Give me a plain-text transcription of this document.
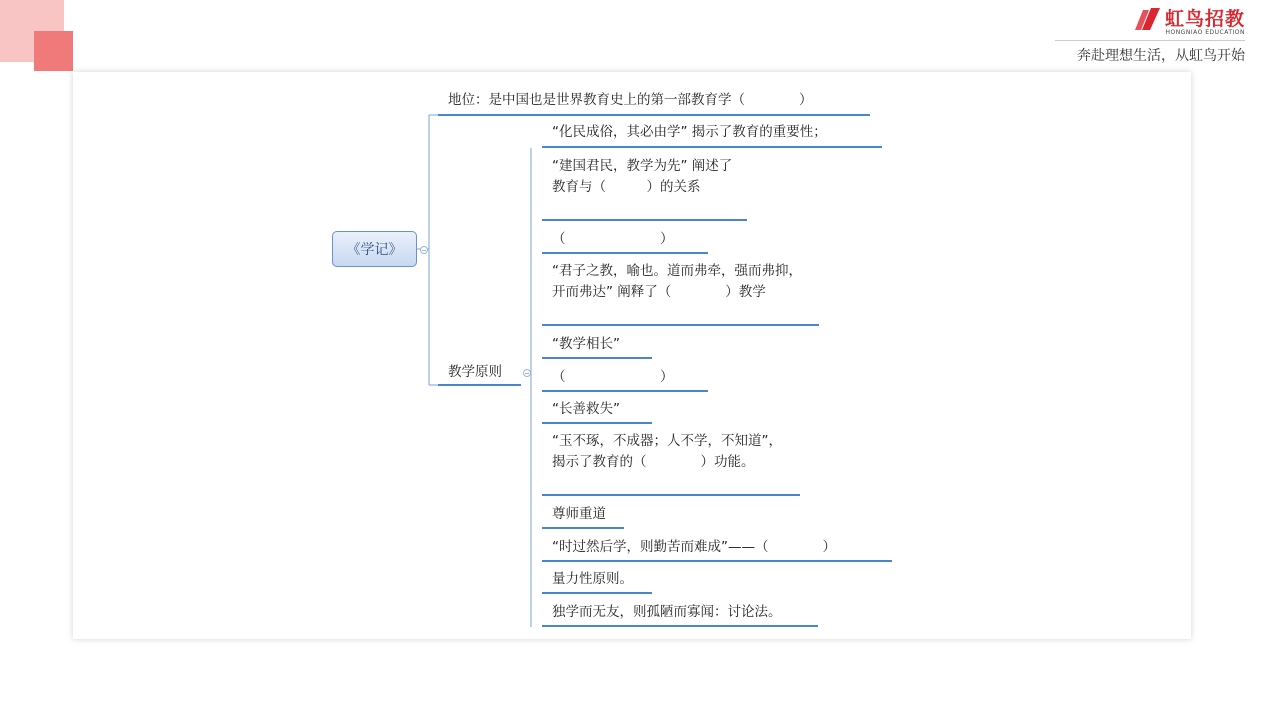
虹鸟招教
HONGNIAO EDUCATION
奔赴理想生活，从虹鸟开始
《学记》
地位：是中国也是世界教育史上的第一部教育学（　　　　）
教学原则
“化民成俗，其必由学” 揭示了教育的重要性；
“建国君民，教学为先” 阐述了教育与（　　　）的关系
（　　　　　　　）
“君子之教，喻也。道而弗牵，强而弗抑，开而弗达” 阐释了（　　　　）教学
“教学相长”
（　　　　　　　）
“长善救失”
“玉不琢，不成器；人不学，不知道”，揭示了教育的（　　　　）功能。
尊师重道
“时过然后学，则勤苦而难成”——（　　　　）
量力性原则。
独学而无友，则孤陋而寡闻：讨论法。
